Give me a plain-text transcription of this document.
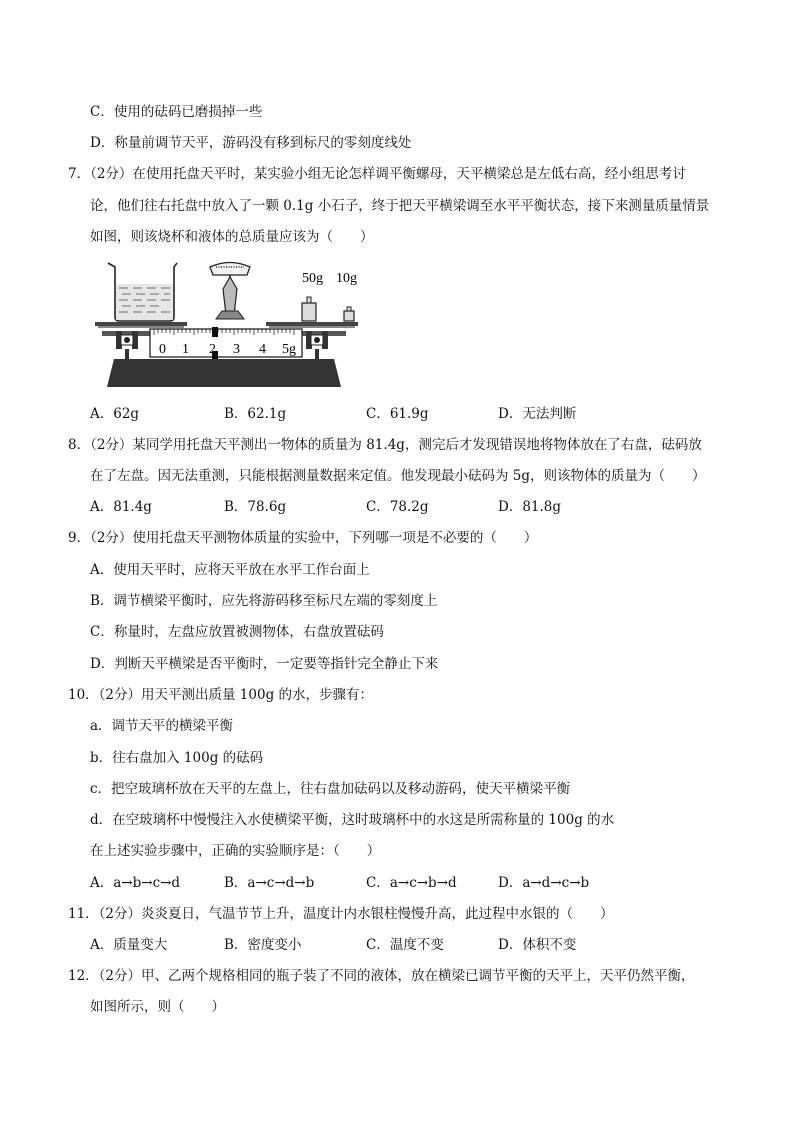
C．使用的砝码已磨损掉一些
D．称量前调节天平，游码没有移到标尺的零刻度线处
7．（2分）在使用托盘天平时，某实验小组无论怎样调平衡螺母，天平横梁总是左低右高，经小组思考讨
论，他们往右托盘中放入了一颗 0.1g 小石子，终于把天平横梁调至水平平衡状态，接下来测量质量情景
如图，则该烧杯和液体的总质量应该为（　　）
50g 10g
0 1 2 3 4 5g
A．62g	B．62.1g	C．61.9g	D．无法判断
8．（2分）某同学用托盘天平测出一物体的质量为 81.4g，测完后才发现错误地将物体放在了右盘，砝码放
在了左盘。因无法重测，只能根据测量数据来定值。他发现最小砝码为 5g，则该物体的质量为（　　）
A．81.4g	B．78.6g	C．78.2g	D．81.8g
9．（2分）使用托盘天平测物体质量的实验中，下列哪一项是不必要的（　　）
A．使用天平时，应将天平放在水平工作台面上
B．调节横梁平衡时，应先将游码移至标尺左端的零刻度上
C．称量时，左盘应放置被测物体，右盘放置砝码
D．判断天平横梁是否平衡时，一定要等指针完全静止下来
10．（2分）用天平测出质量 100g 的水，步骤有：
a．调节天平的横梁平衡
b．往右盘加入 100g 的砝码
c．把空玻璃杯放在天平的左盘上，往右盘加砝码以及移动游码，使天平横梁平衡
d．在空玻璃杯中慢慢注入水使横梁平衡，这时玻璃杯中的水这是所需称量的 100g 的水
在上述实验步骤中，正确的实验顺序是：（　　）
A．a→b→c→d	B．a→c→d→b	C．a→c→b→d	D．a→d→c→b
11．（2分）炎炎夏日，气温节节上升，温度计内水银柱慢慢升高，此过程中水银的（　　）
A．质量变大	B．密度变小	C．温度不变	D．体积不变
12．（2分）甲、乙两个规格相同的瓶子装了不同的液体，放在横梁已调节平衡的天平上，天平仍然平衡，
如图所示，则（　　）
